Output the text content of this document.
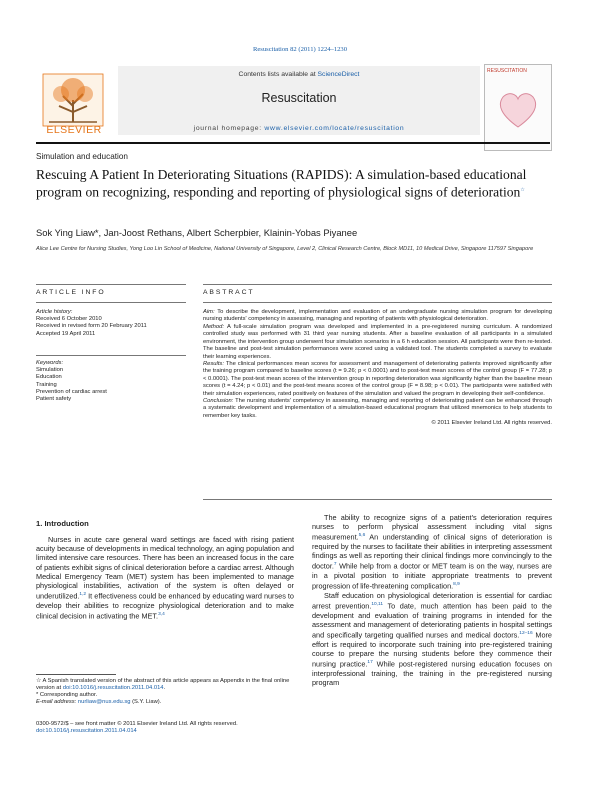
Resuscitation 82 (2011) 1224–1230
ELSEVIER
Contents lists available at ScienceDirect
Resuscitation
journal homepage: www.elsevier.com/locate/resuscitation
RESUSCITATION
Simulation and education
Rescuing A Patient In Deteriorating Situations (RAPIDS): A simulation-based educational program on recognizing, responding and reporting of physiological signs of deterioration☆
Sok Ying Liaw*, Jan-Joost Rethans, Albert Scherpbier, Klainin-Yobas Piyanee
Alice Lee Centre for Nursing Studies, Yong Loo Lin School of Medicine, National University of Singapore, Level 2, Clinical Research Centre, Block MD11, 10 Medical Drive, Singapore 117597 Singapore
ARTICLE INFO	ABSTRACT
Article history:
Received 6 October 2010
Received in revised form 20 February 2011
Accepted 19 April 2011
Keywords:
Simulation
Education
Training
Prevention of cardiac arrest
Patient safety

Aim: To describe the development, implementation and evaluation of an undergraduate nursing simulation program for developing nursing students' competency in assessing, managing and reporting of patients with physiological deterioration.

Method: A full-scale simulation program was developed and implemented in a pre-registered nursing curriculum. A randomized controlled study was performed with 31 third year nursing students. After a baseline evaluation of all participants in a simulated environment, the intervention group underwent four simulation scenarios in a 6 h education session. All participants were then re-tested. The baseline and post-test simulation performances were scored using a validated tool. The students completed a survey to evaluate their learning experiences.

Results: The clinical performances mean scores for assessment and management of deteriorating patients improved significantly after the training program compared to baseline scores (t = 9.26; p < 0.0001) and to post-test mean scores of the control group (F = 77.28; p < 0.0001). The post-test mean scores of the intervention group in reporting deterioration was significantly higher than the baseline mean scores (t = 4.24; p < 0.01) and the post-test means scores of the control group (F = 8.98; p < 0.01). The participants were satisfied with their simulation experiences, rated positively on features of the simulation and valued the program in developing their self-confidence.

Conclusion: The nursing students' competency in assessing, managing and reporting of deteriorating patient can be enhanced through a systematic development and implementation of a simulation-based educational program that utilized mnemonics to help students to remember key tasks.

© 2011 Elsevier Ireland Ltd. All rights reserved.

1. Introduction

Nurses in acute care general ward settings are faced with rising patient acuity because of developments in medical technology, an aging population and limited intensive care resources. There has been an increased focus in the care of patients exhibit signs of clinical deterioration before a cardiac arrest. Although Medical Emergency Team (MET) system has been implemented to manage physiological instabilities, activation of the system is often delayed or underutilized.$^{1,2}$ It effectiveness could be enhanced by educating ward nurses to develop their abilities to recognize physiological deterioration and to make clinical decision in activating the MET.$^{3,4}$

The ability to recognize signs of a patient's deterioration requires nurses to perform physical assessment including vital signs measurement.$^{5,6}$ An understanding of clinical signs of deterioration is required by the nurses to facilitate their abilities in interpreting assessment findings as well as reporting their clinical findings more convincingly to the doctor.$^7$ While help from a doctor or MET team is on the way, nurses are in a pivotal position to initiate appropriate treatments to prevent progression of life-threatening complication.$^{8,9}$

Staff education on physiological deterioration is essential for cardiac arrest prevention.$^{10,11}$ To date, much attention has been paid to the development and evaluation of training programs in intended for the assessment and management of deteriorating patients in hospital settings and specifically targeting qualified nurses and medical doctors.$^{12-16}$ More effort is required to incorporate such training into pre-registered training course to prepare the nursing students before they commence their nursing practice.$^{17}$ While post-registered nursing education focuses on interprofessional training, the training in the pre-registered nursing program

☆ A Spanish translated version of the abstract of this article appears as Appendix in the final online version at doi:10.1016/j.resuscitation.2011.04.014.
* Corresponding author.
E-mail address: nurliaw@nus.edu.sg (S.Y. Liaw).
0300-9572/$ – see front matter © 2011 Elsevier Ireland Ltd. All rights reserved.
doi:10.1016/j.resuscitation.2011.04.014
